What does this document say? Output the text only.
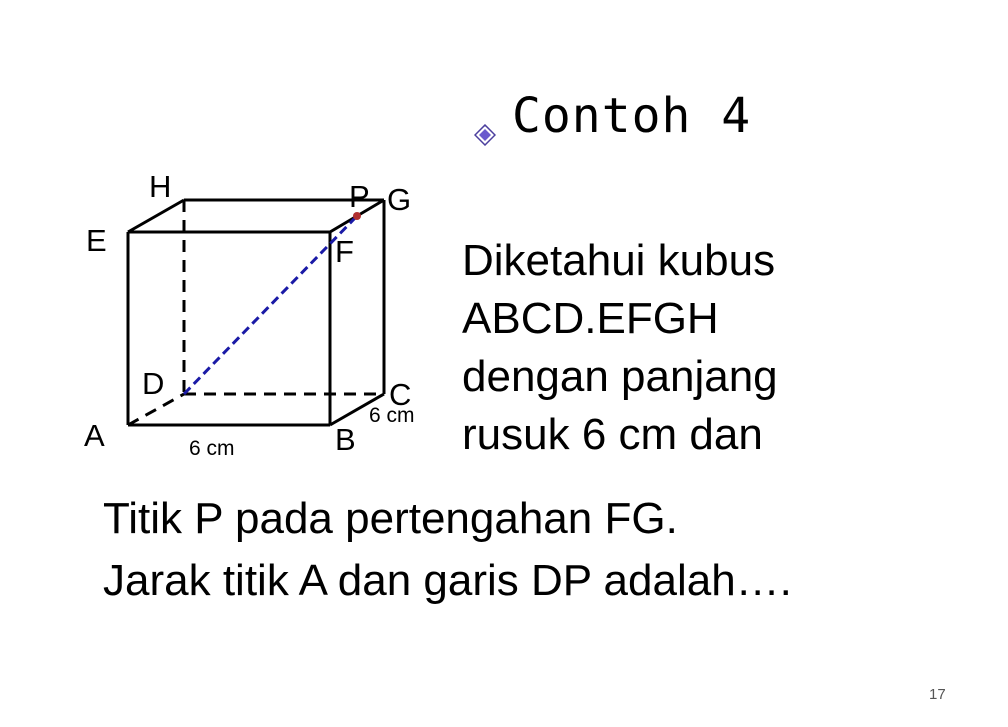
H
E
P G
F
D	C
A	B
6 cm
6 cm
Contoh 4
Diketahui kubus
ABCD.EFGH
dengan panjang
rusuk 6 cm dan
Titik P pada pertengahan FG.
Jarak titik A dan garis DP adalah….
17
